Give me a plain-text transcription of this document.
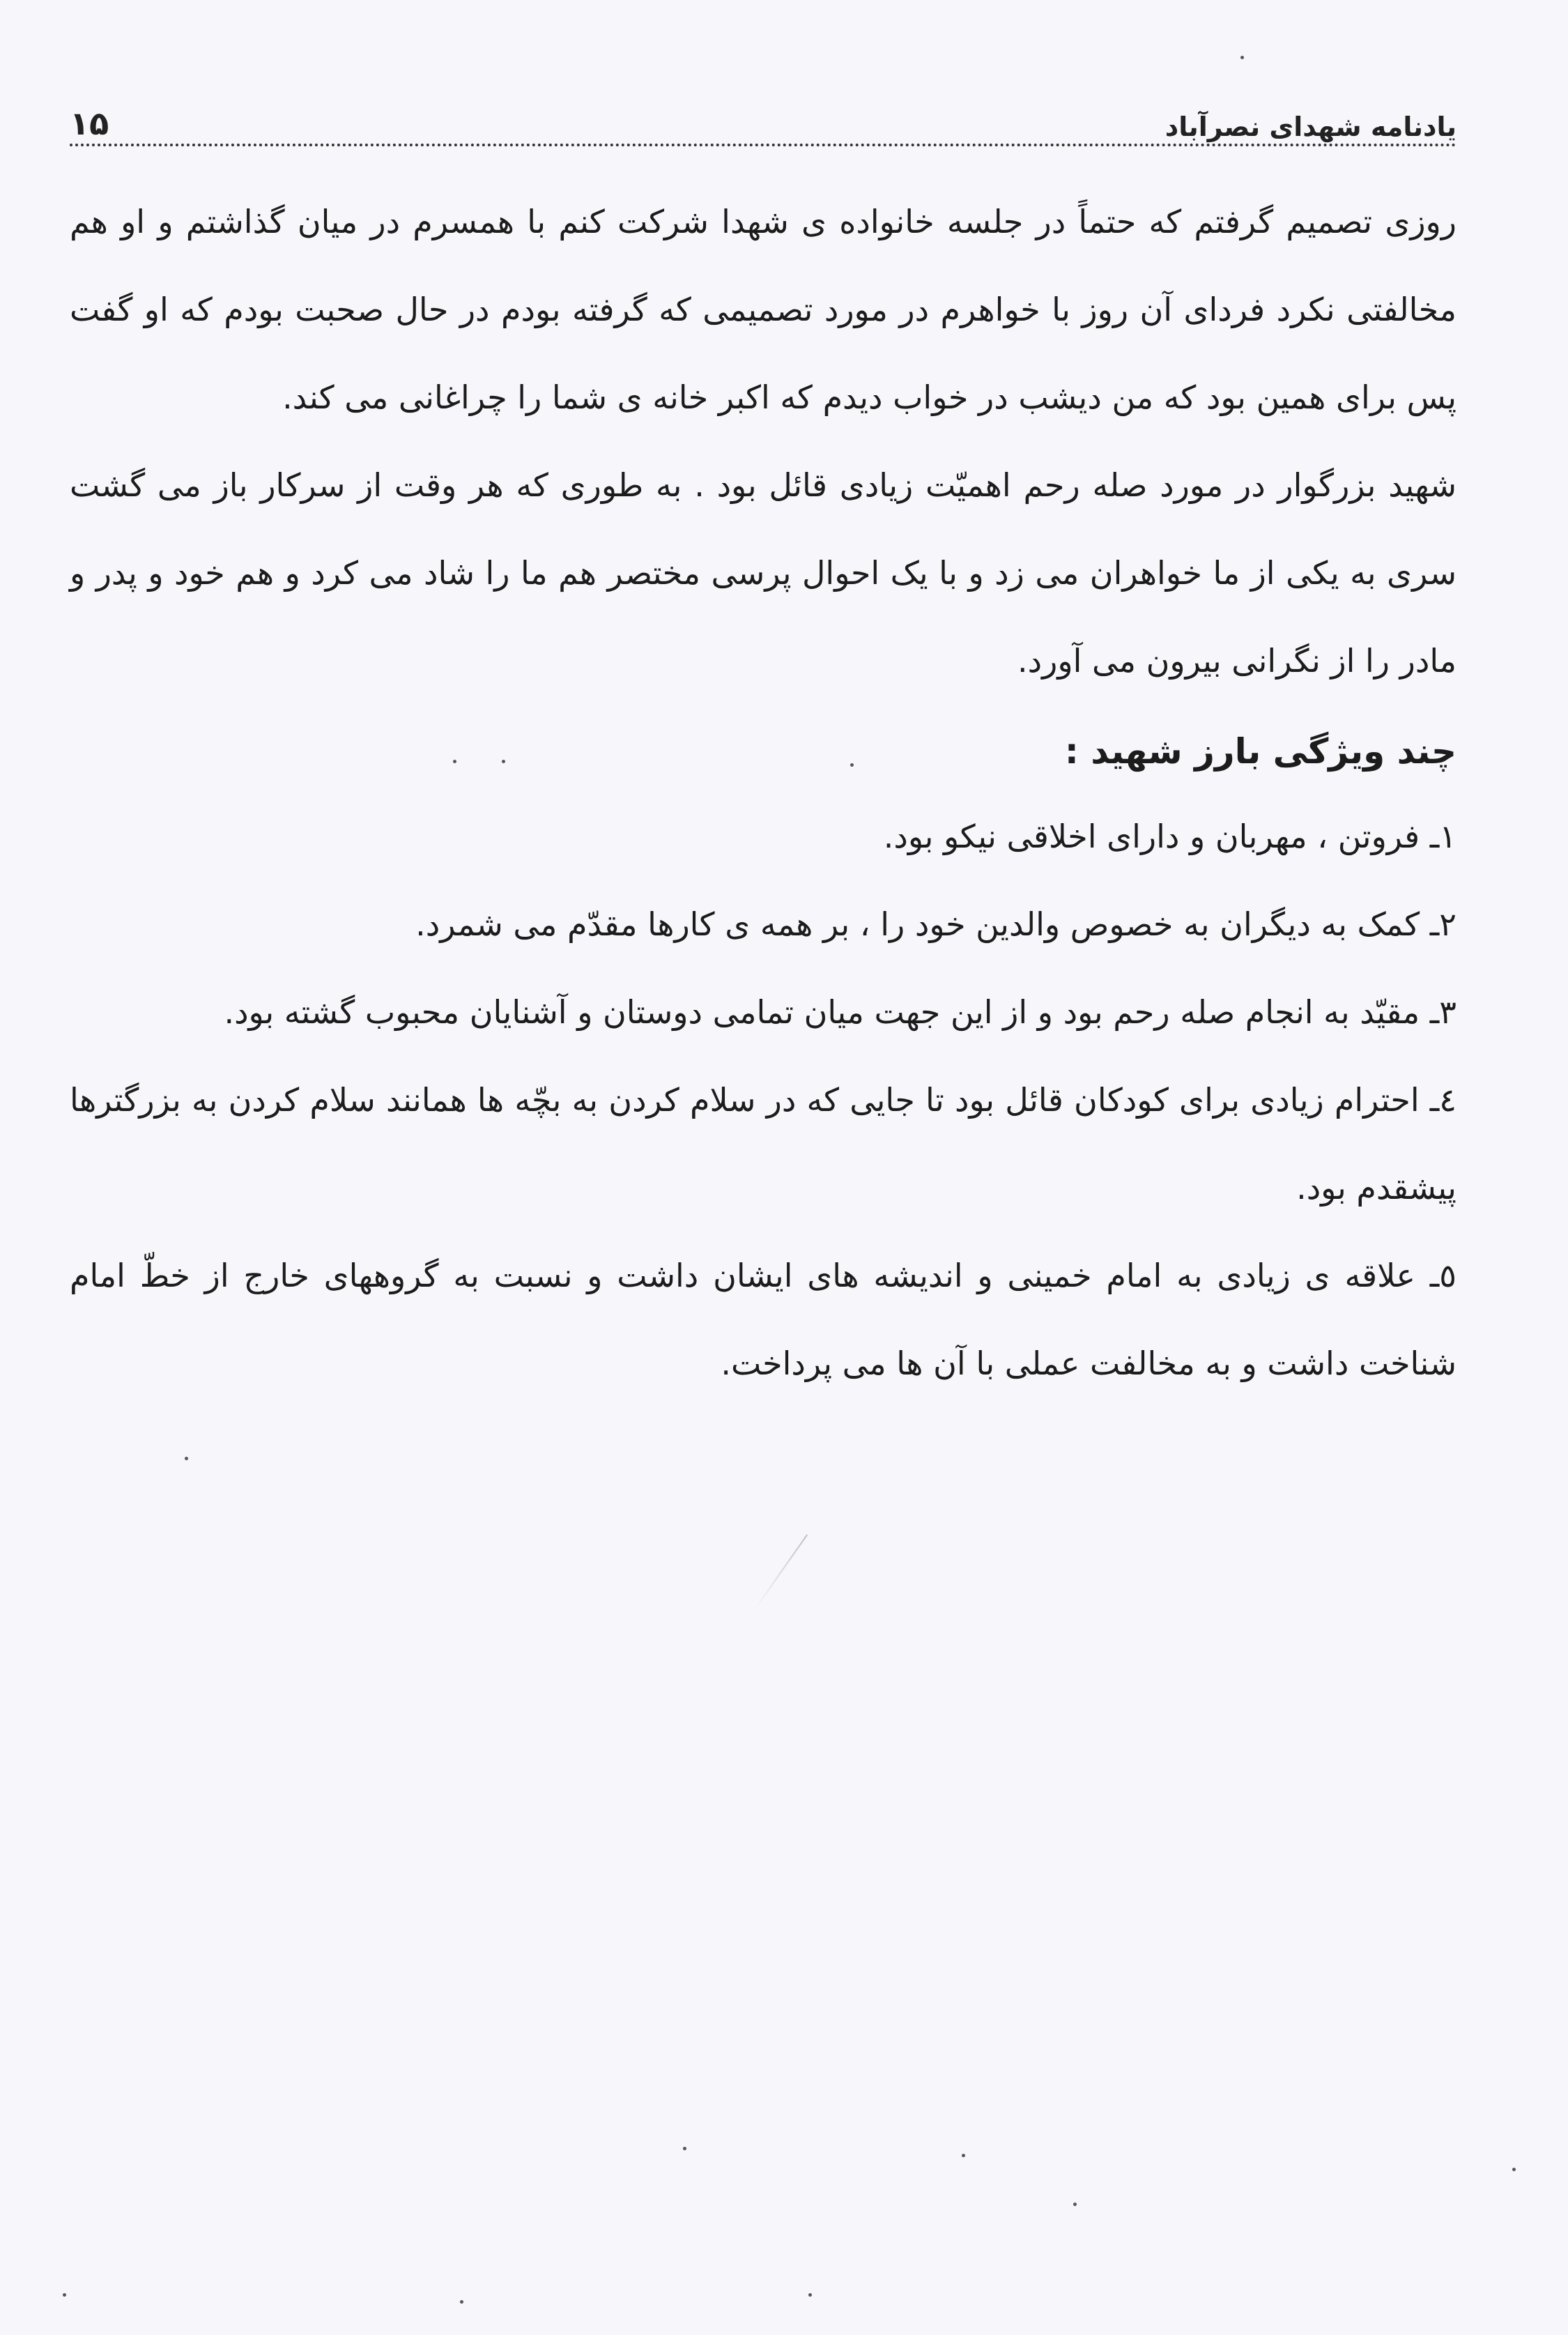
یادنامه شهدای نصرآباد
۱۵

روزی تصمیم گرفتم که حتماً در جلسه خانواده ی شهدا شرکت کنم با همسرم در میان گذاشتم و او هم مخالفتی نکرد فردای آن روز با خواهرم در مورد تصمیمی که گرفته بودم در حال صحبت بودم که او گفت پس برای همین بود که من دیشب در خواب دیدم که اکبر خانه ی شما را چراغانی می کند.

شهید بزرگوار در مورد صله رحم اهمیّت زیادی قائل بود . به طوری که هر وقت از سرکار باز می گشت سری به یکی از ما خواهران می زد و با یک احوال پرسی مختصر هم ما را شاد می کرد و هم خود و پدر و مادر را از نگرانی بیرون می آورد.

چند ویژگی بارز شهید :

۱ـ فروتن ، مهربان و دارای اخلاقی نیکو بود.

۲ـ کمک به دیگران به خصوص والدین خود را ، بر همه ی کارها مقدّم می شمرد.

۳ـ مقیّد به انجام صله رحم بود و از این جهت میان تمامی دوستان و آشنایان محبوب گشته بود.

٤ـ احترام زیادی برای کودکان قائل بود تا جایی که در سلام کردن به بچّه ها همانند سلام کردن به بزرگترها پیشقدم بود.

٥ـ علاقه ی زیادی به امام خمینی و اندیشه های ایشان داشت و نسبت به گروههای خارج از خطّ امام شناخت داشت و به مخالفت عملی با آن ها می پرداخت.
